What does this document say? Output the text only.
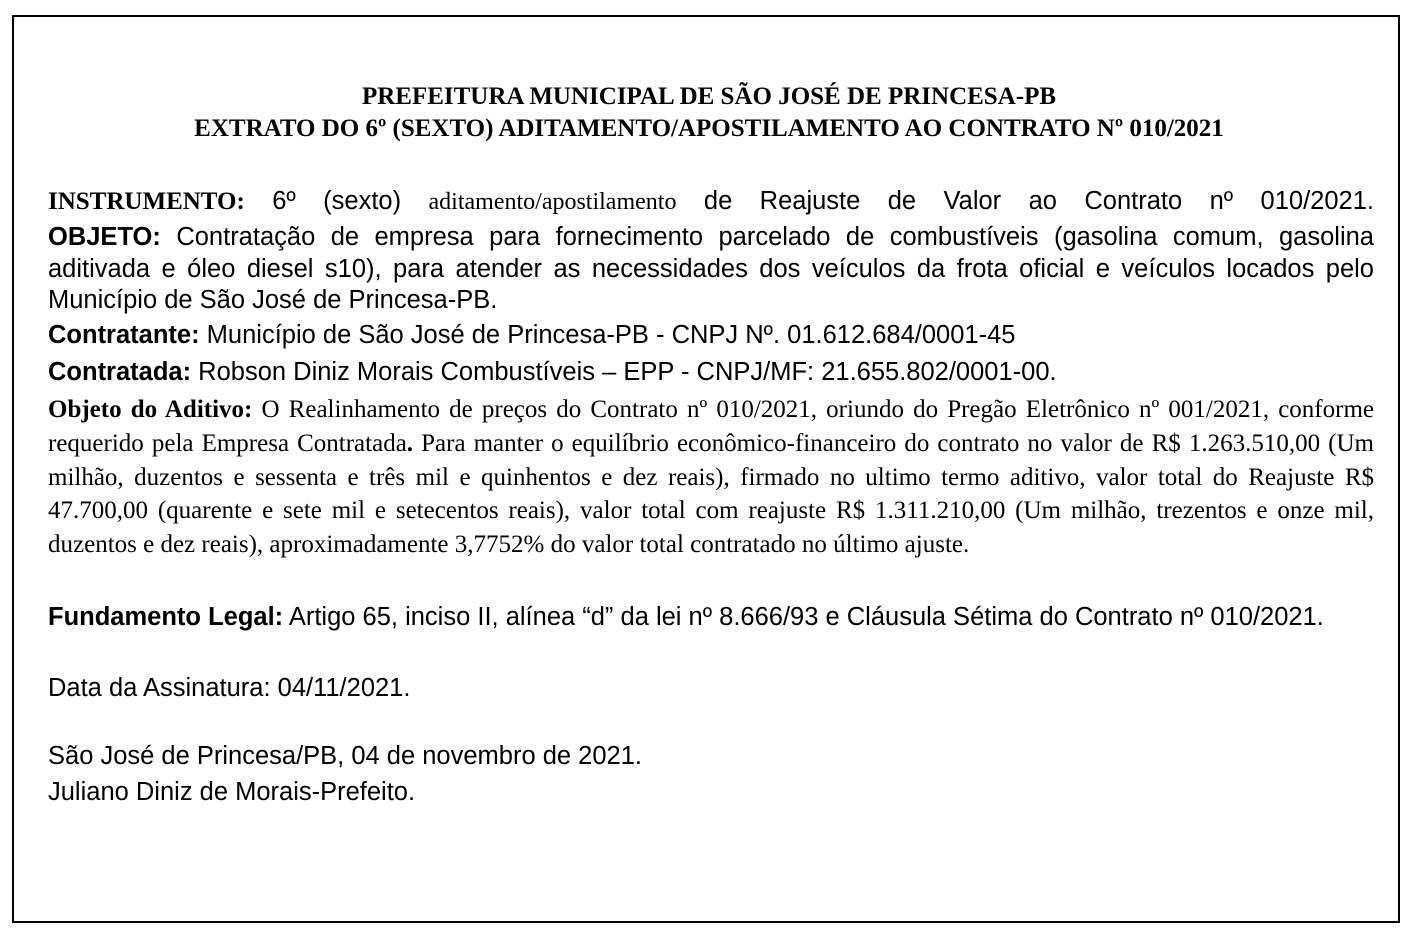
PREFEITURA MUNICIPAL DE SÃO JOSÉ DE PRINCESA-PB
EXTRATO DO 6º (SEXTO) ADITAMENTO/APOSTILAMENTO AO CONTRATO Nº 010/2021
INSTRUMENTO: 6º (sexto) aditamento/apostilamento de Reajuste de Valor ao Contrato nº 010/2021.
OBJETO: Contratação de empresa para fornecimento parcelado de combustíveis (gasolina comum, gasolina aditivada e óleo diesel s10), para atender as necessidades dos veículos da frota oficial e veículos locados pelo Município de São José de Princesa-PB.
Contratante: Município de São José de Princesa-PB - CNPJ Nº. 01.612.684/0001-45
Contratada: Robson Diniz Morais Combustíveis – EPP - CNPJ/MF: 21.655.802/0001-00.
Objeto do Aditivo: O Realinhamento de preços do Contrato nº 010/2021, oriundo do Pregão Eletrônico nº 001/2021, conforme requerido pela Empresa Contratada. Para manter o equilíbrio econômico-financeiro do contrato no valor de R$ 1.263.510,00 (Um milhão, duzentos e sessenta e três mil e quinhentos e dez reais), firmado no ultimo termo aditivo, valor total do Reajuste R$ 47.700,00 (quarente e sete mil e setecentos reais), valor total com reajuste R$ 1.311.210,00 (Um milhão, trezentos e onze mil, duzentos e dez reais), aproximadamente 3,7752% do valor total contratado no último ajuste.
Fundamento Legal: Artigo 65, inciso II, alínea “d” da lei nº 8.666/93 e Cláusula Sétima do Contrato nº 010/2021.
Data da Assinatura: 04/11/2021.
São José de Princesa/PB, 04 de novembro de 2021.
Juliano Diniz de Morais-Prefeito.
